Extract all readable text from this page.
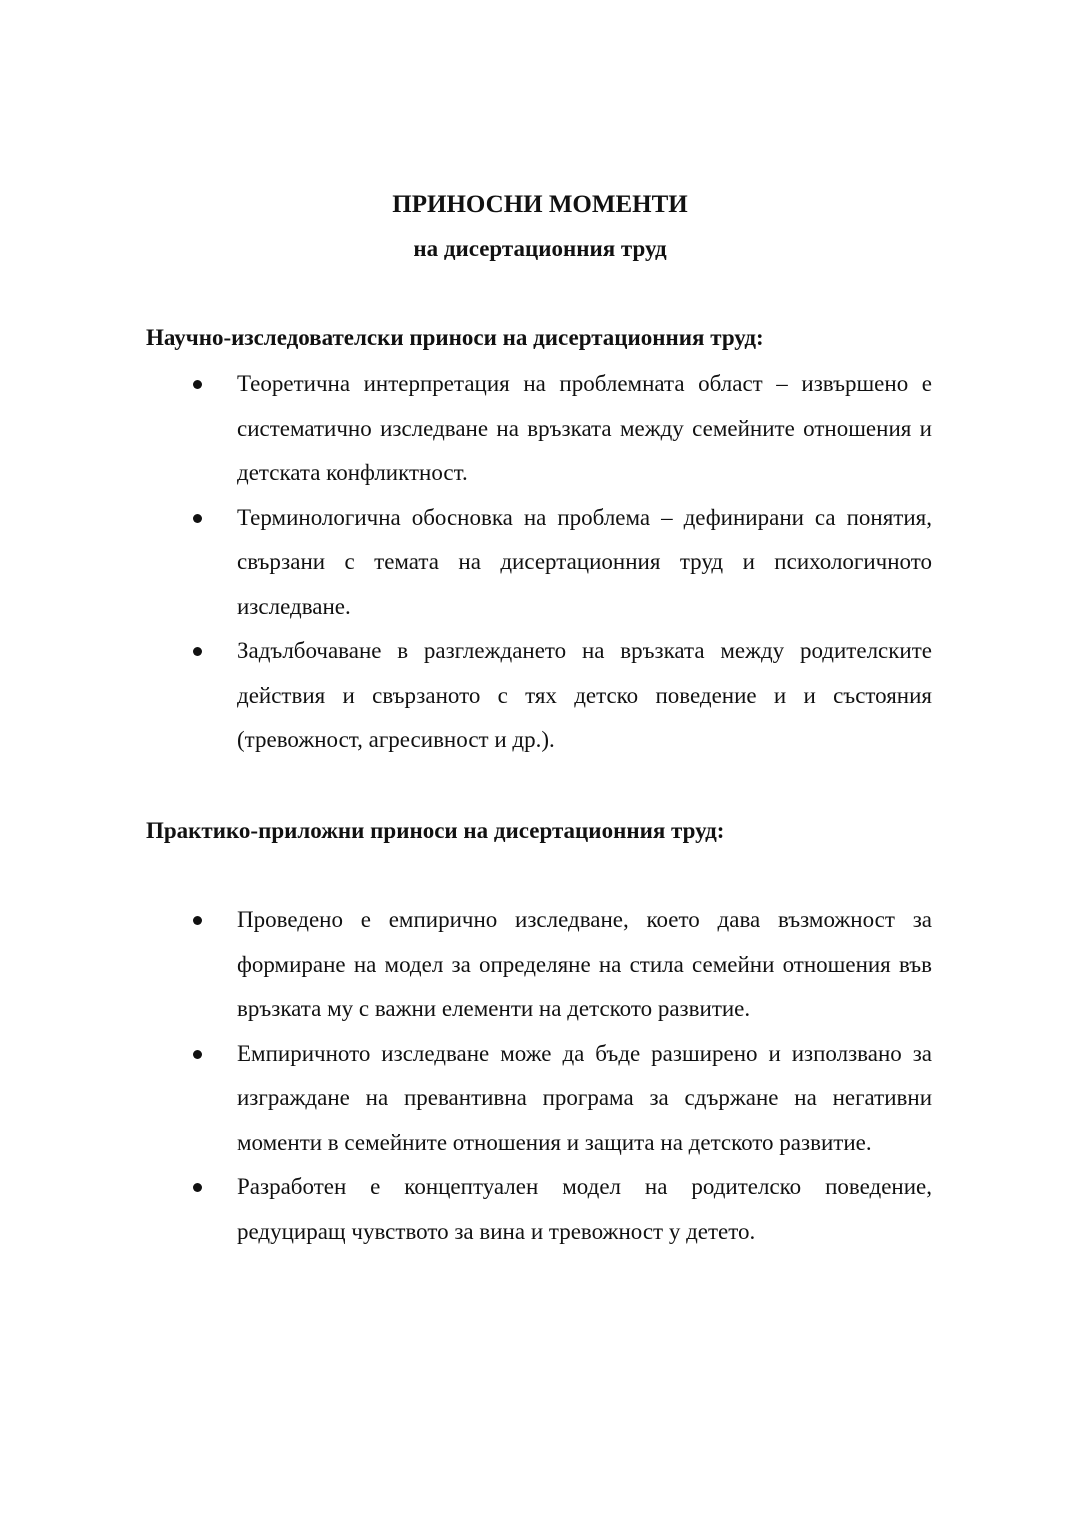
ПРИНОСНИ МОМЕНТИ
на дисертационния труд
Научно-изследователски приноси на дисертационния труд:
Теоретична интерпретация на проблемната област – извършено е систематично изследване на връзката между семейните отношения и детската конфликтност.
Терминологична обосновка на проблема – дефинирани са понятия, свързани с темата на дисертационния труд и психологичното изследване.
Задълбочаване в разглеждането на връзката между родителските действия и свързаното с тях детско поведение и и състояния (тревожност, агресивност и др.).
Практико-приложни приноси на дисертационния труд:
Проведено е емпирично изследване, което дава възможност за формиране на модел за определяне на стила семейни отношения във връзката му с важни елементи на детското развитие.
Емпиричното изследване може да бъде разширено и използвано за изграждане на превантивна програма за сдържане на негативни моменти в семейните отношения и защита на детското развитие.
Разработен е концептуален модел на родителско поведение, редуциращ чувството за вина и тревожност у детето.
